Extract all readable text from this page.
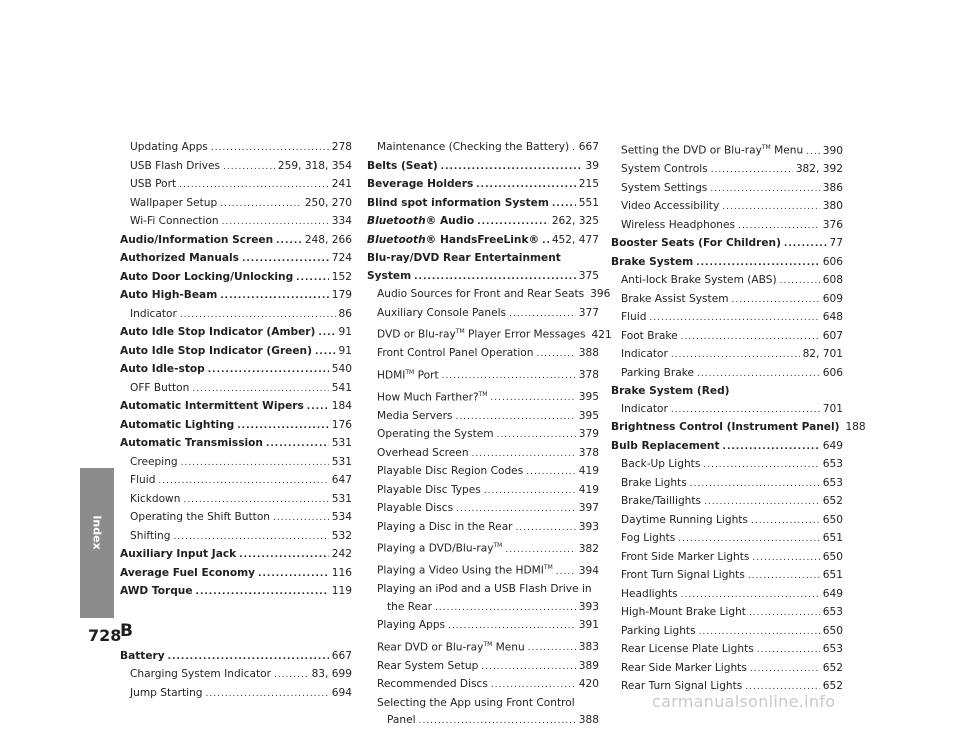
Updating Apps .....	278
USB Flash Drives .....	259, 318, 354
USB Port .....	241
Wallpaper Setup .....	250, 270
Wi-Fi Connection .....	334
Audio/Information Screen .....	248, 266
Authorized Manuals .....	724
Auto Door Locking/Unlocking .....	152
Auto High-Beam .....	179
Indicator .....	86
Auto Idle Stop Indicator (Amber) ..... 91
Auto Idle Stop Indicator (Green) .....	91
Auto Idle-stop .....	540
OFF Button .....	541
Automatic Intermittent Wipers .....	184
Automatic Lighting .....	176
Automatic Transmission .....	531
Creeping .....	531
Fluid .....	647
Kickdown .....	531
Operating the Shift Button .....	534
Shifting .....	532
Auxiliary Input Jack .....	242
Average Fuel Economy .....	116
AWD Torque .....	119
B
Battery .....	667
Charging System Indicator .....	83, 699
Jump Starting .....	694
Maintenance (Checking the Battery) ..... 667
Belts (Seat) .....	39
Beverage Holders .....	215
Blind spot information System .....	551
Bluetooth® Audio .....	262, 325
Bluetooth® HandsFreeLink® ..... 452, 477
Blu-ray/DVD Rear Entertainment
System .....	375
Audio Sources for Front and Rear Seats 396
Auxiliary Console Panels .....	377
DVD or Blu-ray™ Player Error Messages 421
Front Control Panel Operation .....	388
HDMI™ Port .....	378
How Much Farther?™ .....	395
Media Servers .....	395
Operating the System .....	379
Overhead Screen .....	378
Playable Disc Region Codes .....	419
Playable Disc Types .....	419
Playable Discs .....	397
Playing a Disc in the Rear .....	393
Playing a DVD/Blu-ray™ .....	382
Playing a Video Using the HDMI™ ..... 394
Playing an iPod and a USB Flash Drive in
the Rear .....	393
Playing Apps .....	391
Rear DVD or Blu-ray™ Menu .....	383
Rear System Setup .....	389
Recommended Discs .....	420
Selecting the App using Front Control
Panel .....	388
Setting the DVD or Blu-ray™ Menu ..... 390
System Controls .....	382, 392
System Settings .....	386
Video Accessibility .....	380
Wireless Headphones .....	376
Booster Seats (For Children) .....	77
Brake System .....	606
Anti-lock Brake System (ABS) .....	608
Brake Assist System .....	609
Fluid .....	648
Foot Brake .....	607
Indicator .....	82, 701
Parking Brake .....	606
Brake System (Red)
Indicator .....	701
Brightness Control (Instrument Panel) 188
Bulb Replacement .....	649
Back-Up Lights .....	653
Brake Lights .....	653
Brake/Taillights .....	652
Daytime Running Lights .....	650
Fog Lights .....	651
Front Side Marker Lights .....	650
Front Turn Signal Lights .....	651
Headlights .....	649
High-Mount Brake Light .....	653
Parking Lights .....	650
Rear License Plate Lights .....	653
Rear Side Marker Lights .....	652
Rear Turn Signal Lights .....	652
Index
728
carmanualsonline.info
